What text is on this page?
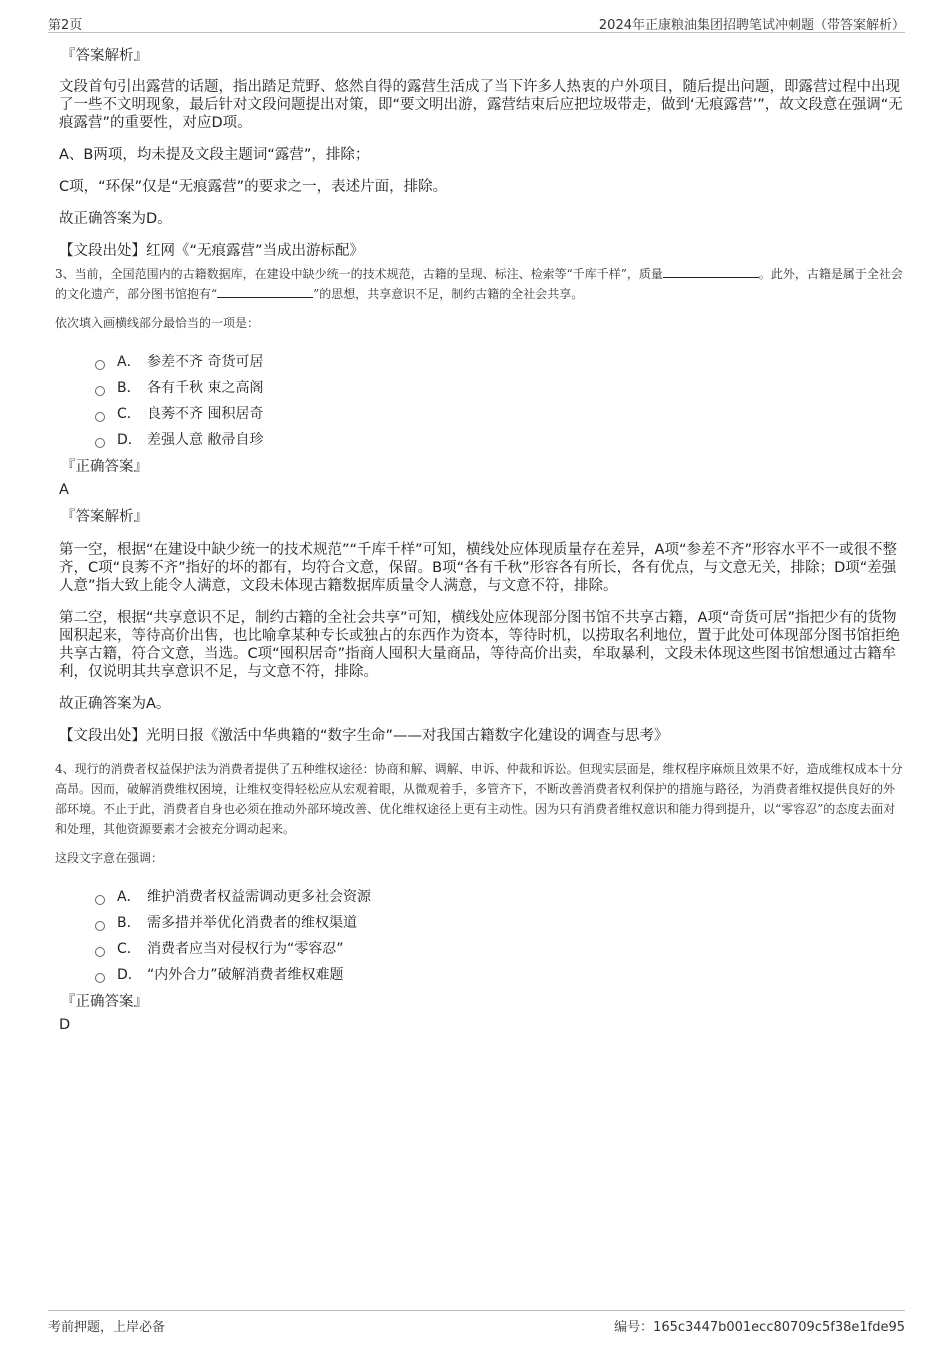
第2页	2024年正康粮油集团招聘笔试冲刺题（带答案解析）
『答案解析』

文段首句引出露营的话题，指出踏足荒野、悠然自得的露营生活成了当下许多人热衷的户外项目，随后提出问题，即露营过程中出现了一些不文明现象，最后针对文段问题提出对策，即“要文明出游，露营结束后应把垃圾带走，做到‘无痕露营’”，故文段意在强调“无痕露营”的重要性，对应D项。

A、B两项，均未提及文段主题词“露营”，排除；

C项，“环保”仅是“无痕露营”的要求之一，表述片面，排除。

故正确答案为D。

【文段出处】红网《“无痕露营”当成出游标配》

3、当前，全国范围内的古籍数据库，在建设中缺少统一的技术规范，古籍的呈现、标注、检索等“千库千样”，质量	。此外，古籍是属于全社会的文化遗产，部分图书馆抱有“	”的思想，共享意识不足，制约古籍的全社会共享。

依次填入画横线部分最恰当的一项是：

A． 参差不齐 奇货可居
B． 各有千秋 束之高阁
C． 良莠不齐 囤积居奇
D． 差强人意 敝帚自珍
『正确答案』
A
『答案解析』

第一空，根据“在建设中缺少统一的技术规范”“千库千样”可知，横线处应体现质量存在差异，A项“参差不齐”形容水平不一或很不整齐，C项“良莠不齐”指好的坏的都有，均符合文意，保留。B项“各有千秋”形容各有所长，各有优点，与文意无关，排除；D项“差强人意”指大致上能令人满意，文段未体现古籍数据库质量令人满意，与文意不符，排除。

第二空，根据“共享意识不足，制约古籍的全社会共享”可知，横线处应体现部分图书馆不共享古籍，A项“奇货可居”指把少有的货物囤积起来，等待高价出售，也比喻拿某种专长或独占的东西作为资本，等待时机，以捞取名利地位，置于此处可体现部分图书馆拒绝共享古籍，符合文意，当选。C项“囤积居奇”指商人囤积大量商品，等待高价出卖，牟取暴利，文段未体现这些图书馆想通过古籍牟利，仅说明其共享意识不足，与文意不符，排除。

故正确答案为A。

【文段出处】光明日报《激活中华典籍的“数字生命”——对我国古籍数字化建设的调查与思考》

4、现行的消费者权益保护法为消费者提供了五种维权途径：协商和解、调解、申诉、仲裁和诉讼。但现实层面是，维权程序麻烦且效果不好，造成维权成本十分高昂。因而，破解消费维权困境，让维权变得轻松应从宏观着眼，从微观着手，多管齐下，不断改善消费者权利保护的措施与路径，为消费者维权提供良好的外部环境。不止于此，消费者自身也必须在推动外部环境改善、优化维权途径上更有主动性。因为只有消费者维权意识和能力得到提升，以“零容忍”的态度去面对和处理，其他资源要素才会被充分调动起来。

这段文字意在强调：

A． 维护消费者权益需调动更多社会资源
B． 需多措并举优化消费者的维权渠道
C． 消费者应当对侵权行为“零容忍”
D． “内外合力”破解消费者维权难题
『正确答案』
D
考前押题，上岸必备	编号：165c3447b001ecc80709c5f38e1fde95
